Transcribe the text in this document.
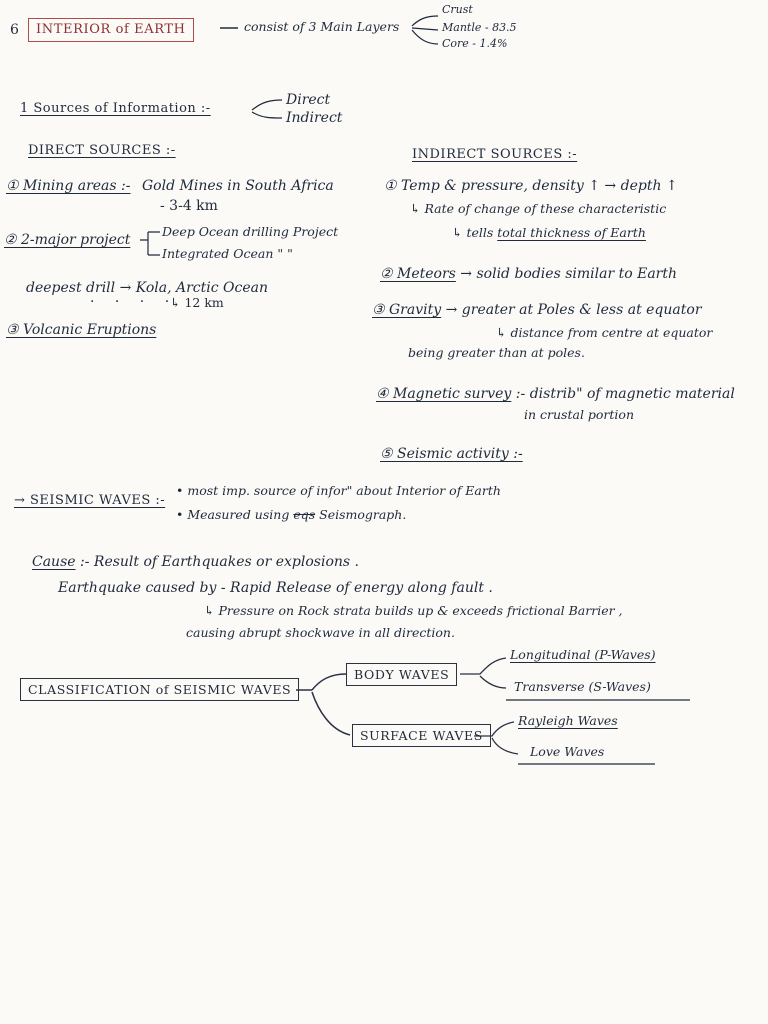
6	INTERIOR of EARTH	consist of 3 Main Layers
Crust
Mantle - 83.5
Core - 1.4%
1 Sources of Information :-
Direct
Indirect
DIRECT SOURCES :-
① Mining areas :- Gold Mines in South Africa
- 3-4 km
② 2-major project
Deep Ocean drilling Project
Integrated Ocean " "
deepest drill → Kola, Arctic Ocean
· · · ·
↳ 12 km
③ Volcanic Eruptions
INDIRECT SOURCES :-
① Temp & pressure, density ↑ → depth ↑
↳ Rate of change of these characteristic
↳ tells total thickness of Earth
② Meteors → solid bodies similar to Earth
③ Gravity → greater at Poles & less at equator
↳ distance from centre at equator
being greater than at poles.
④ Magnetic survey :- distrib" of magnetic material
in crustal portion
⑤ Seismic activity :-
→ SEISMIC WAVES :-
• most imp. source of infor" about Interior of Earth
• Measured using eqs Seismograph.
Cause :- Result of Earthquakes or explosions .
Earthquake caused by - Rapid Release of energy along fault .
↳ Pressure on Rock strata builds up & exceeds frictional Barrier ,
causing abrupt shockwave in all direction.
CLASSIFICATION of SEISMIC WAVES
BODY WAVES
SURFACE WAVES
Longitudinal (P-Waves)
Transverse (S-Waves)
Rayleigh Waves
Love Waves
